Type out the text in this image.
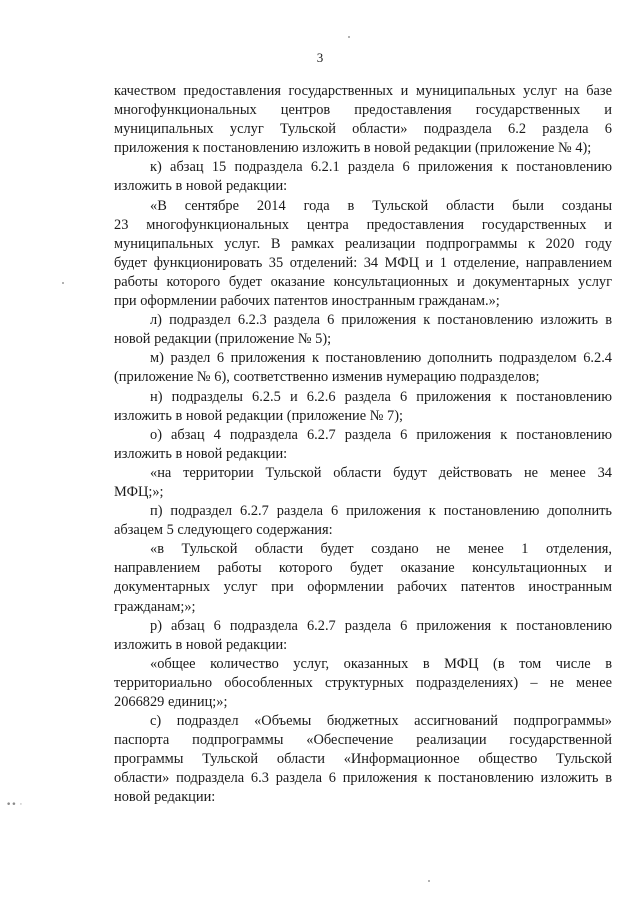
3
качеством предоставления государственных и муниципальных услуг на базе
многофункциональных центров предоставления государственных и
муниципальных услуг Тульской области» подраздела 6.2 раздела 6
приложения к постановлению изложить в новой редакции (приложение № 4);
к) абзац 15 подраздела 6.2.1 раздела 6 приложения к постановлению
изложить в новой редакции:
«В сентябре 2014 года в Тульской области были созданы
23 многофункциональных центра предоставления государственных и
муниципальных услуг. В рамках реализации подпрограммы к 2020 году
будет функционировать 35 отделений: 34 МФЦ и 1 отделение, направлением
работы которого будет оказание консультационных и документарных услуг
при оформлении рабочих патентов иностранным гражданам.»;
л) подраздел 6.2.3 раздела 6 приложения к постановлению изложить в
новой редакции (приложение № 5);
м) раздел 6 приложения к постановлению дополнить подразделом 6.2.4
(приложение № 6), соответственно изменив нумерацию подразделов;
н) подразделы 6.2.5 и 6.2.6 раздела 6 приложения к постановлению
изложить в новой редакции (приложение № 7);
о) абзац 4 подраздела 6.2.7 раздела 6 приложения к постановлению
изложить в новой редакции:
«на территории Тульской области будут действовать не менее 34
МФЦ;»;
п) подраздел 6.2.7 раздела 6 приложения к постановлению дополнить
абзацем 5 следующего содержания:
«в Тульской области будет создано не менее 1 отделения,
направлением работы которого будет оказание консультационных и
документарных услуг при оформлении рабочих патентов иностранным
гражданам;»;
р) абзац 6 подраздела 6.2.7 раздела 6 приложения к постановлению
изложить в новой редакции:
«общее количество услуг, оказанных в МФЦ (в том числе в
территориально обособленных структурных подразделениях) – не менее
2066829 единиц;»;
с) подраздел «Объемы бюджетных ассигнований подпрограммы»
паспорта подпрограммы «Обеспечение реализации государственной
программы Тульской области «Информационное общество Тульской
области» подраздела 6.3 раздела 6 приложения к постановлению изложить в
новой редакции:
•• ·
